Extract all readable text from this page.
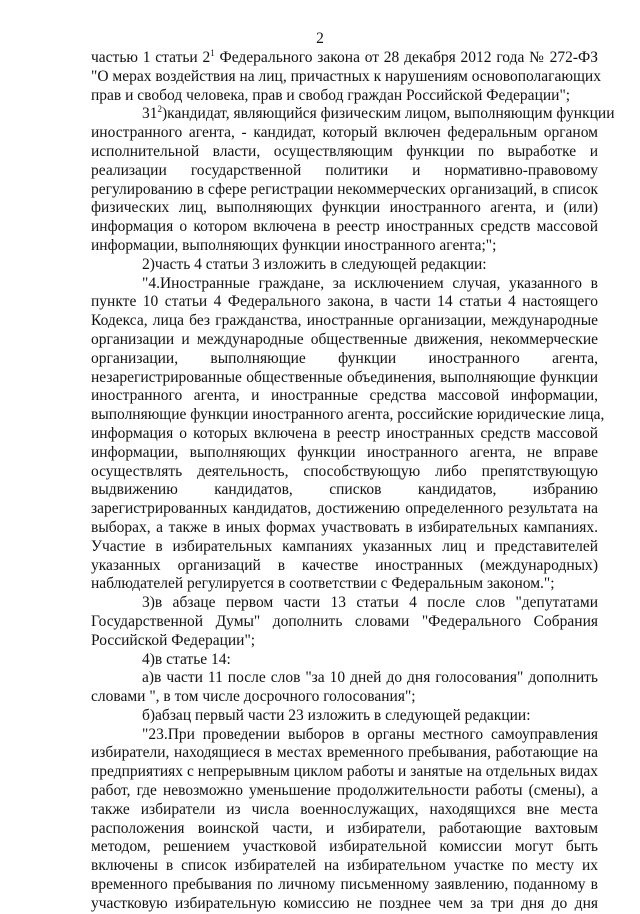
2
частью 1 статьи $2^1$ Федерального закона от 28 декабря 2012 года № 272-ФЗ
"О мерах воздействия на лиц, причастных к нарушениям основополагающих
прав и свобод человека, прав и свобод граждан Российской Федерации";
$31^2)кандидат$, являющийся физическим лицом, выполняющим функции
иностранного агента, - кандидат, который включен федеральным органом
исполнительной власти, осуществляющим функции по выработке и
реализации государственной политики и нормативно-правовому
регулированию в сфере регистрации некоммерческих организаций, в список
физических лиц, выполняющих функции иностранного агента, и (или)
информация о котором включена в реестр иностранных средств массовой
информации, выполняющих функции иностранного агента;";
2)часть 4 статьи 3 изложить в следующей редакции:
"4.Иностранные граждане, за исключением случая, указанного в
пункте 10 статьи 4 Федерального закона, в части 14 статьи 4 настоящего
Кодекса, лица без гражданства, иностранные организации, международные
организации и международные общественные движения, некоммерческие
организации, выполняющие функции иностранного агента,
незарегистрированные общественные объединения, выполняющие функции
иностранного агента, и иностранные средства массовой информации,
выполняющие функции иностранного агента, российские юридические лица,
информация о которых включена в реестр иностранных средств массовой
информации, выполняющих функции иностранного агента, не вправе
осуществлять деятельность, способствующую либо препятствующую
выдвижению кандидатов, списков кандидатов, избранию
зарегистрированных кандидатов, достижению определенного результата на
выборах, а также в иных формах участвовать в избирательных кампаниях.
Участие в избирательных кампаниях указанных лиц и представителей
указанных организаций в качестве иностранных (международных)
наблюдателей регулируется в соответствии с Федеральным законом.";
3)в абзаце первом части 13 статьи 4 после слов "депутатами
Государственной Думы" дополнить словами "Федерального Собрания
Российской Федерации";
4)в статье 14:
а)в части 11 после слов "за 10 дней до дня голосования" дополнить
словами ", в том числе досрочного голосования";
б)абзац первый части 23 изложить в следующей редакции:
"23.При проведении выборов в органы местного самоуправления
избиратели, находящиеся в местах временного пребывания, работающие на
предприятиях с непрерывным циклом работы и занятые на отдельных видах
работ, где невозможно уменьшение продолжительности работы (смены), а
также избиратели из числа военнослужащих, находящихся вне места
расположения воинской части, и избиратели, работающие вахтовым
методом, решением участковой избирательной комиссии могут быть
включены в список избирателей на избирательном участке по месту их
временного пребывания по личному письменному заявлению, поданному в
участковую избирательную комиссию не позднее чем за три дня до дня
